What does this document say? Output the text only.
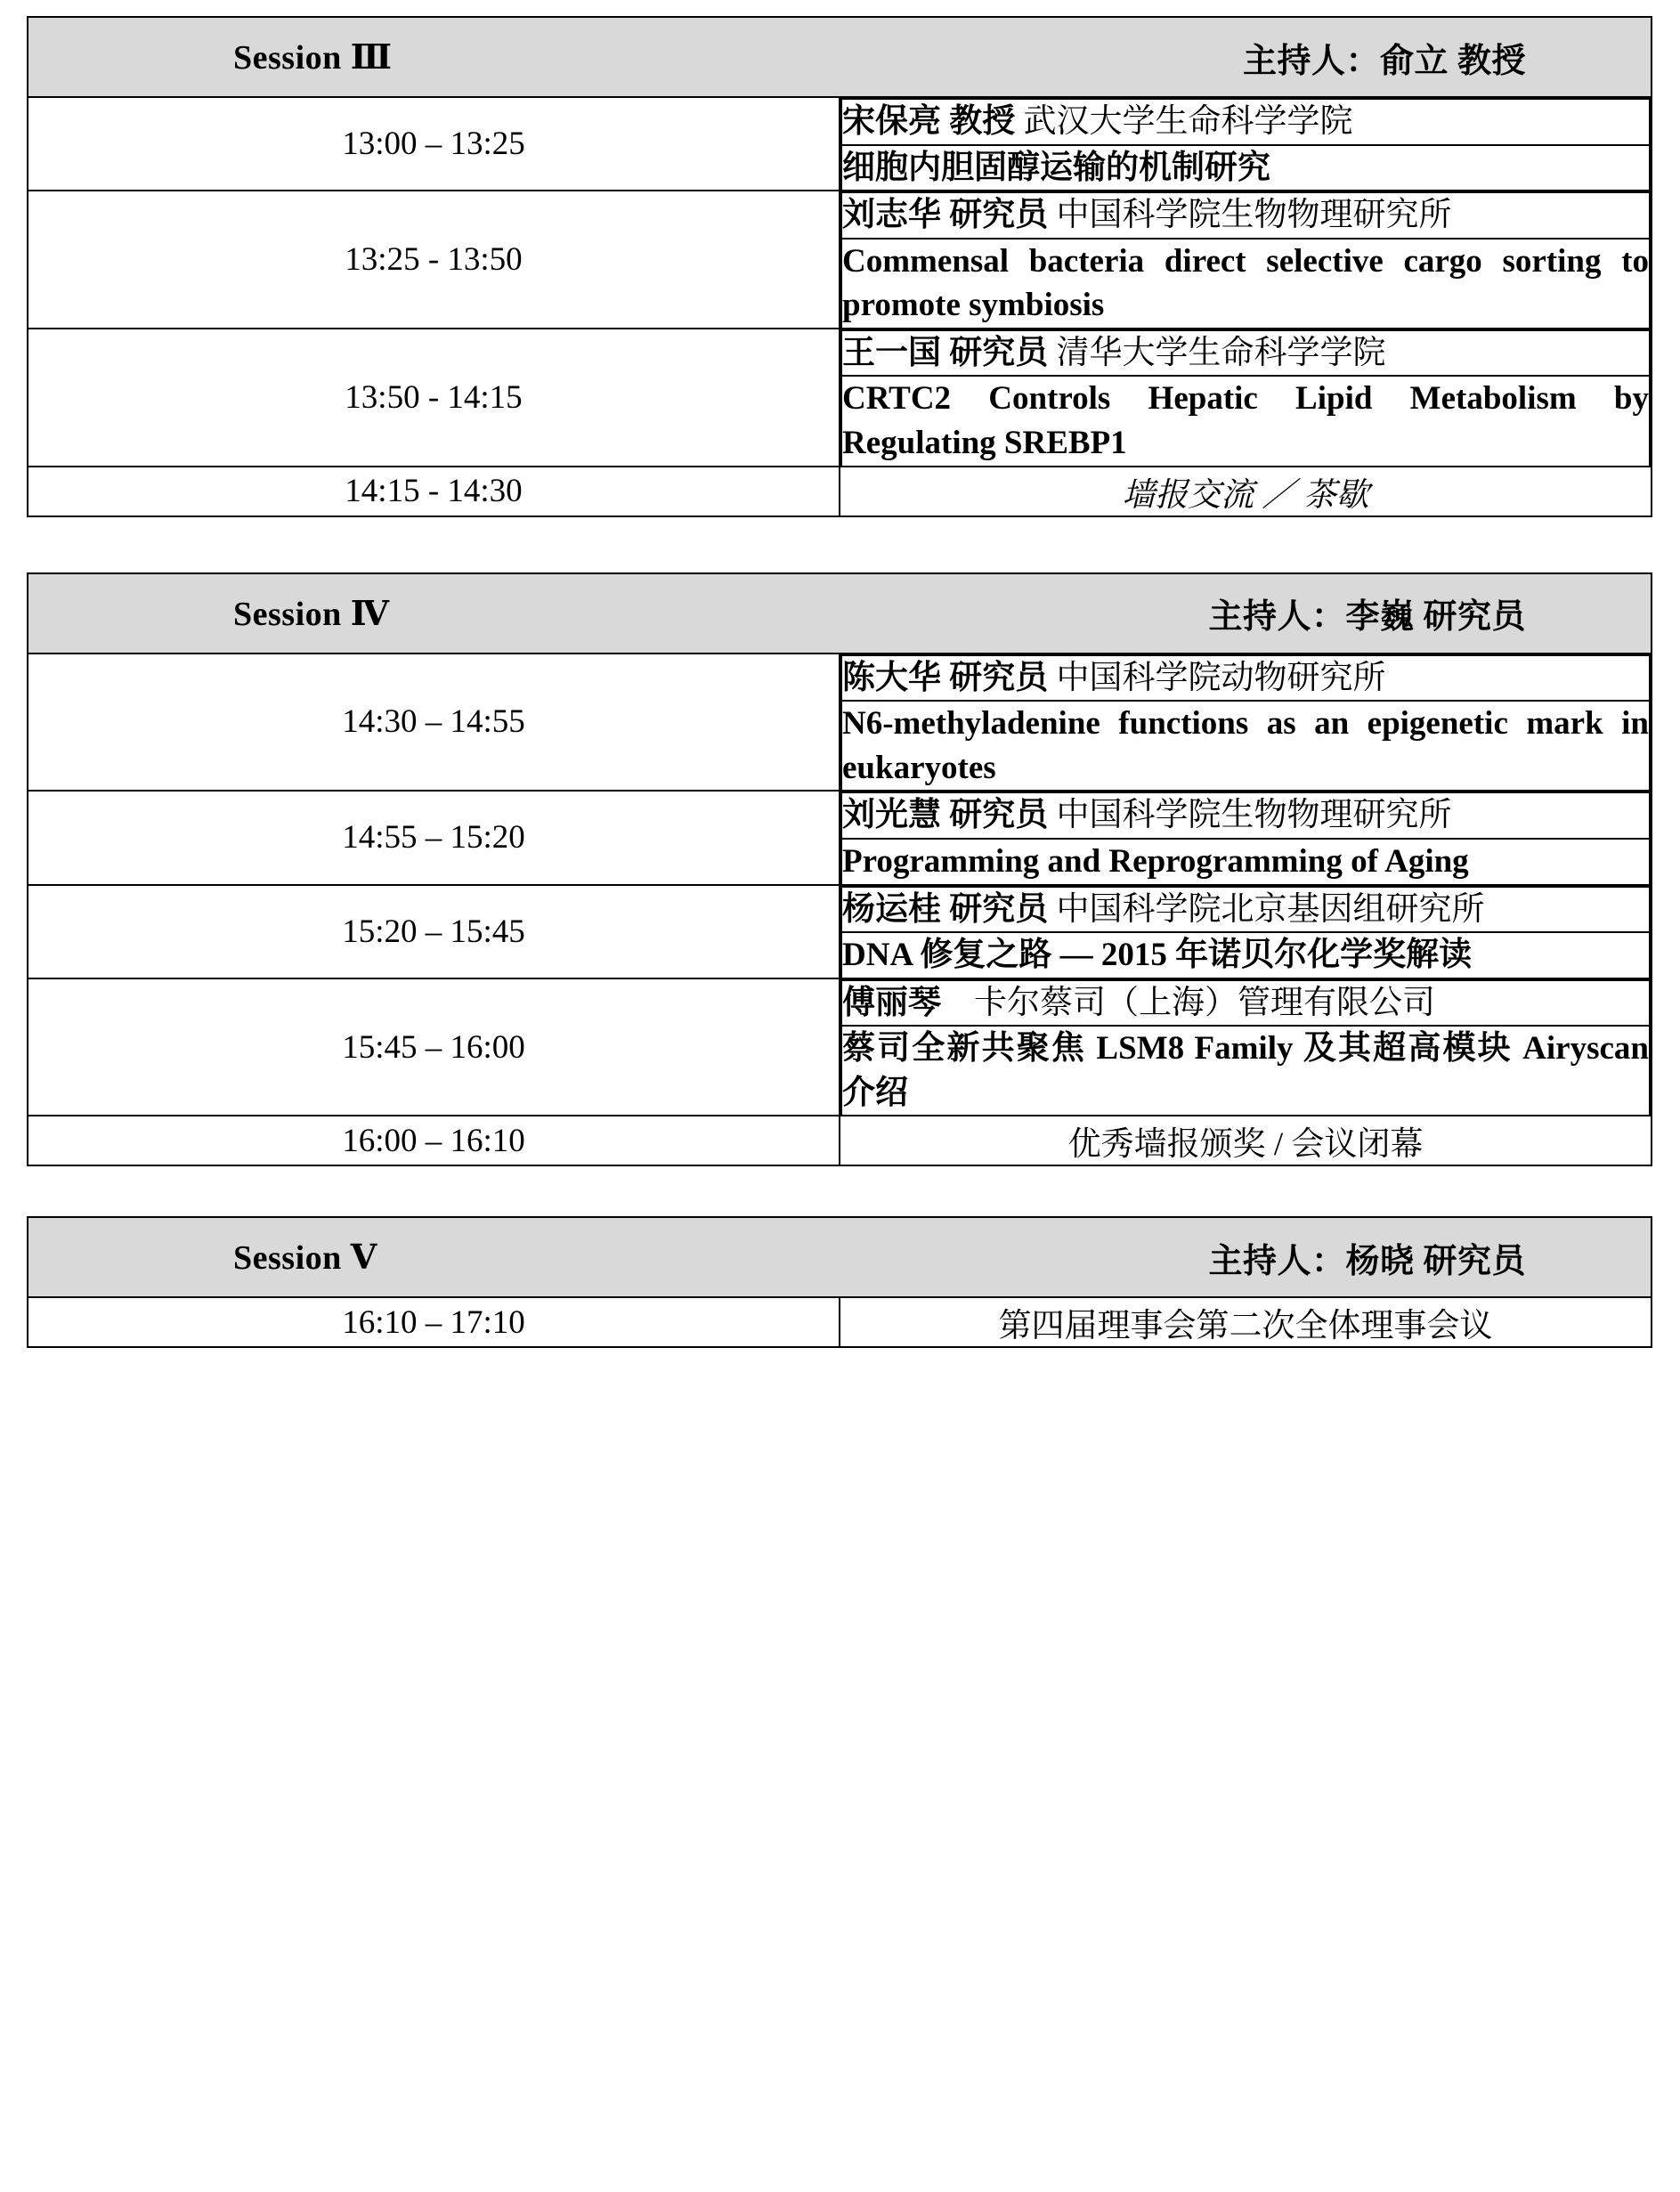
Session Ⅲ	主持人：俞立 教授

13:00 – 13:25	
宋保亮 教授 武汉大学生命科学学院
细胞内胆固醇运输的机制研究

13:25 - 13:50	
刘志华 研究员 中国科学院生物物理研究所
Commensal bacteria direct selective cargo sorting to promote symbiosis

13:50 - 14:15	
王一国 研究员 清华大学生命科学学院
CRTC2 Controls Hepatic Lipid Metabolism by Regulating SREBP1

14:15 - 14:30	墙报交流 ／ 茶歇
Session Ⅳ	主持人：李巍 研究员

14:30 – 14:55	
陈大华 研究员 中国科学院动物研究所
N6-methyladenine functions as an epigenetic mark in eukaryotes

14:55 – 15:20	
刘光慧 研究员 中国科学院生物物理研究所
Programming and Reprogramming of Aging

15:20 – 15:45	
杨运桂 研究员 中国科学院北京基因组研究所
DNA 修复之路 — 2015 年诺贝尔化学奖解读

15:45 – 16:00	
傅丽琴 卡尔蔡司（上海）管理有限公司
蔡司全新共聚焦 LSM8 Family 及其超高模块 Airyscan 介绍

16:00 – 16:10	优秀墙报颁奖 / 会议闭幕
Session Ⅴ	主持人：杨晓 研究员

16:10 – 17:10	第四届理事会第二次全体理事会议
